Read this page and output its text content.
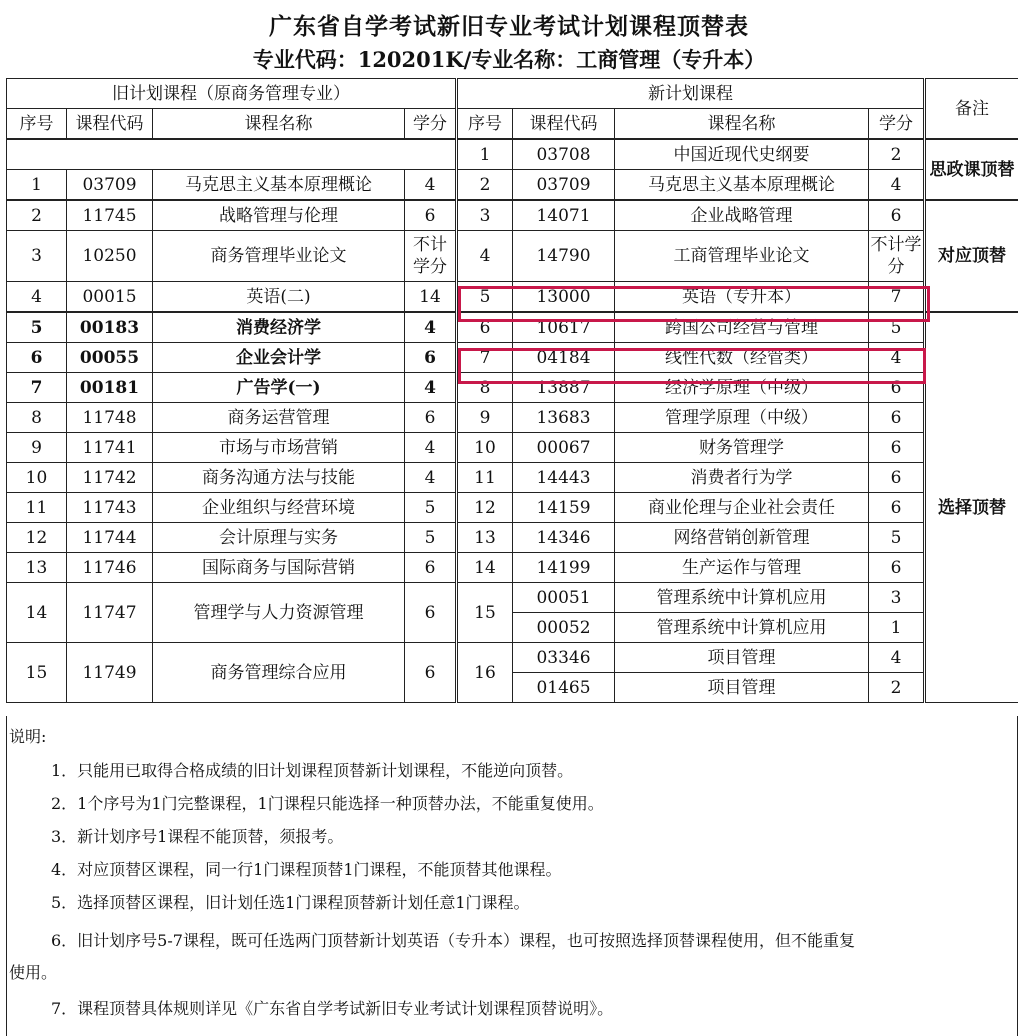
广东省自学考试新旧专业考试计划课程顶替表
专业代码：120201K/专业名称：工商管理（专升本）
旧计划课程（原商务管理专业）				新计划课程				备注
序号	课程代码	课程名称	学分	序号	课程代码	课程名称	学分	
				1	03708	中国近现代史纲要	2	思政课顶替
1	03709	马克思主义基本原理概论	4	2	03709	马克思主义基本原理概论	4	
2	11745	战略管理与伦理	6	3	14071	企业战略管理	6	对应顶替
3	10250	商务管理毕业论文	不计学分	4	14790	工商管理毕业论文	不计学分	
4	00015	英语(二)	14	5	13000	英语（专升本）	7	
5	00183	消费经济学	4	6	10617	跨国公司经营与管理	5	选择顶替
6	00055	企业会计学	6	7	04184	线性代数（经管类）	4	
7	00181	广告学(一)	4	8	13887	经济学原理（中级）	6	
8	11748	商务运营管理	6	9	13683	管理学原理（中级）	6	
9	11741	市场与市场营销	4	10	00067	财务管理学	6	
10	11742	商务沟通方法与技能	4	11	14443	消费者行为学	6	
11	11743	企业组织与经营环境	5	12	14159	商业伦理与企业社会责任	6	
12	11744	会计原理与实务	5	13	14346	网络营销创新管理	5	
13	11746	国际商务与国际营销	6	14	14199	生产运作与管理	6	
14	11747	管理学与人力资源管理	6	15	00051	管理系统中计算机应用	3	
					00052	管理系统中计算机应用	1	
15	11749	商务管理综合应用	6	16	03346	项目管理	4	
					01465	项目管理	2	
说明:
1．只能用已取得合格成绩的旧计划课程顶替新计划课程，不能逆向顶替。
2．1个序号为1门完整课程，1门课程只能选择一种顶替办法，不能重复使用。
3．新计划序号1课程不能顶替，须报考。
4．对应顶替区课程，同一行1门课程顶替1门课程，不能顶替其他课程。
5．选择顶替区课程，旧计划任选1门课程顶替新计划任意1门课程。
6．旧计划序号5-7课程，既可任选两门顶替新计划英语（专升本）课程，也可按照选择顶替课程使用，但不能重复
使用。
7．课程顶替具体规则详见《广东省自学考试新旧专业考试计划课程顶替说明》。
